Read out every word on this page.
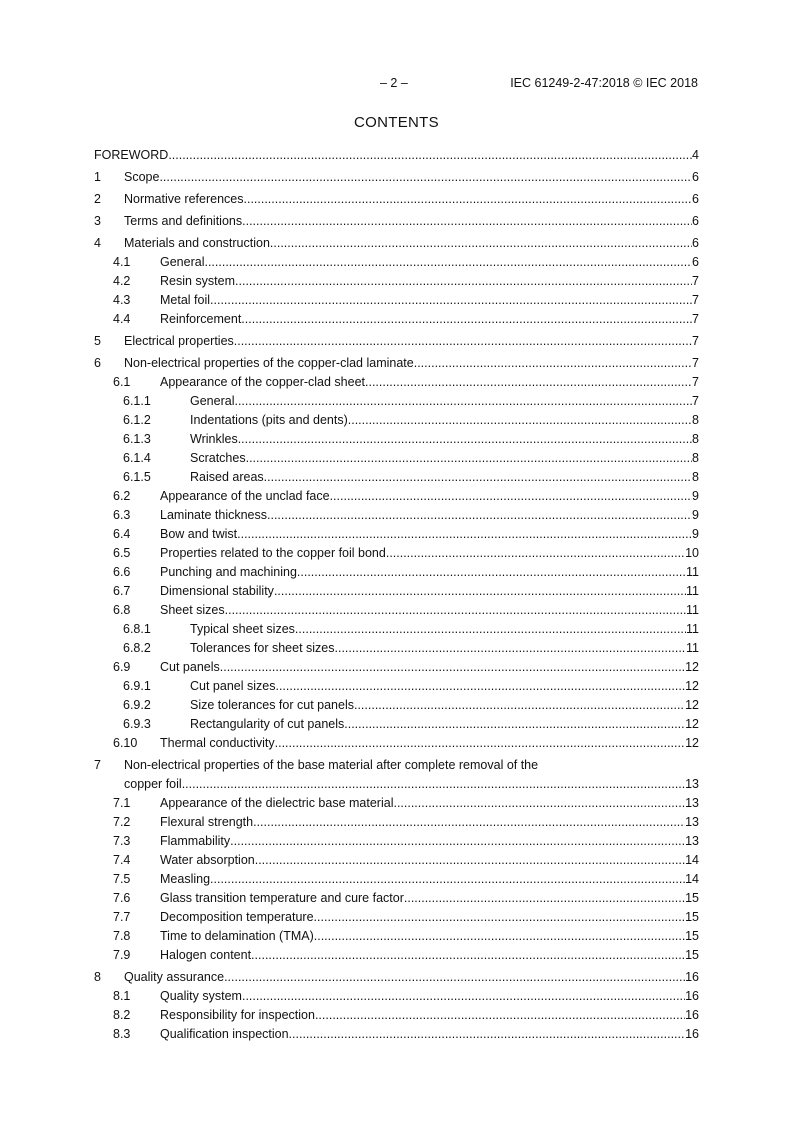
– 2 –	IEC 61249-2-47:2018 © IEC 2018
CONTENTS
FOREWORD .....	4
1 Scope .....	6
2 Normative references .....	6
3 Terms and definitions .....	6
4 Materials and construction .....	6
4.1 General .....	6
4.2 Resin system .....	7
4.3 Metal foil .....	7
4.4 Reinforcement .....	7
5 Electrical properties .....	7
6 Non-electrical properties of the copper-clad laminate .....	7
6.1 Appearance of the copper-clad sheet .....	7
6.1.1	General .....	7
6.1.2	Indentations (pits and dents) .....	8
6.1.3	Wrinkles .....	8
6.1.4	Scratches .....	8
6.1.5	Raised areas .....	8
6.2 Appearance of the unclad face .....	9
6.3 Laminate thickness .....	9
6.4 Bow and twist .....	9
6.5 Properties related to the copper foil bond .....	10
6.6 Punching and machining .....	11
6.7 Dimensional stability .....	11
6.8 Sheet sizes .....	11
6.8.1	Typical sheet sizes .....	11
6.8.2	Tolerances for sheet sizes .....	11
6.9 Cut panels .....	12
6.9.1	Cut panel sizes .....	12
6.9.2	Size tolerances for cut panels .....	12
6.9.3	Rectangularity of cut panels .....	12
6.10 Thermal conductivity .....	12
7 Non-electrical properties of the base material after complete removal of the
copper foil .....	13
7.1 Appearance of the dielectric base material .....	13
7.2 Flexural strength .....	13
7.3 Flammability .....	13
7.4 Water absorption .....	14
7.5 Measling .....	14
7.6 Glass transition temperature and cure factor .....	15
7.7 Decomposition temperature .....	15
7.8 Time to delamination (TMA) .....	15
7.9 Halogen content .....	15
8 Quality assurance .....	16
8.1 Quality system .....	16
8.2 Responsibility for inspection .....	16
8.3 Qualification inspection .....	16
